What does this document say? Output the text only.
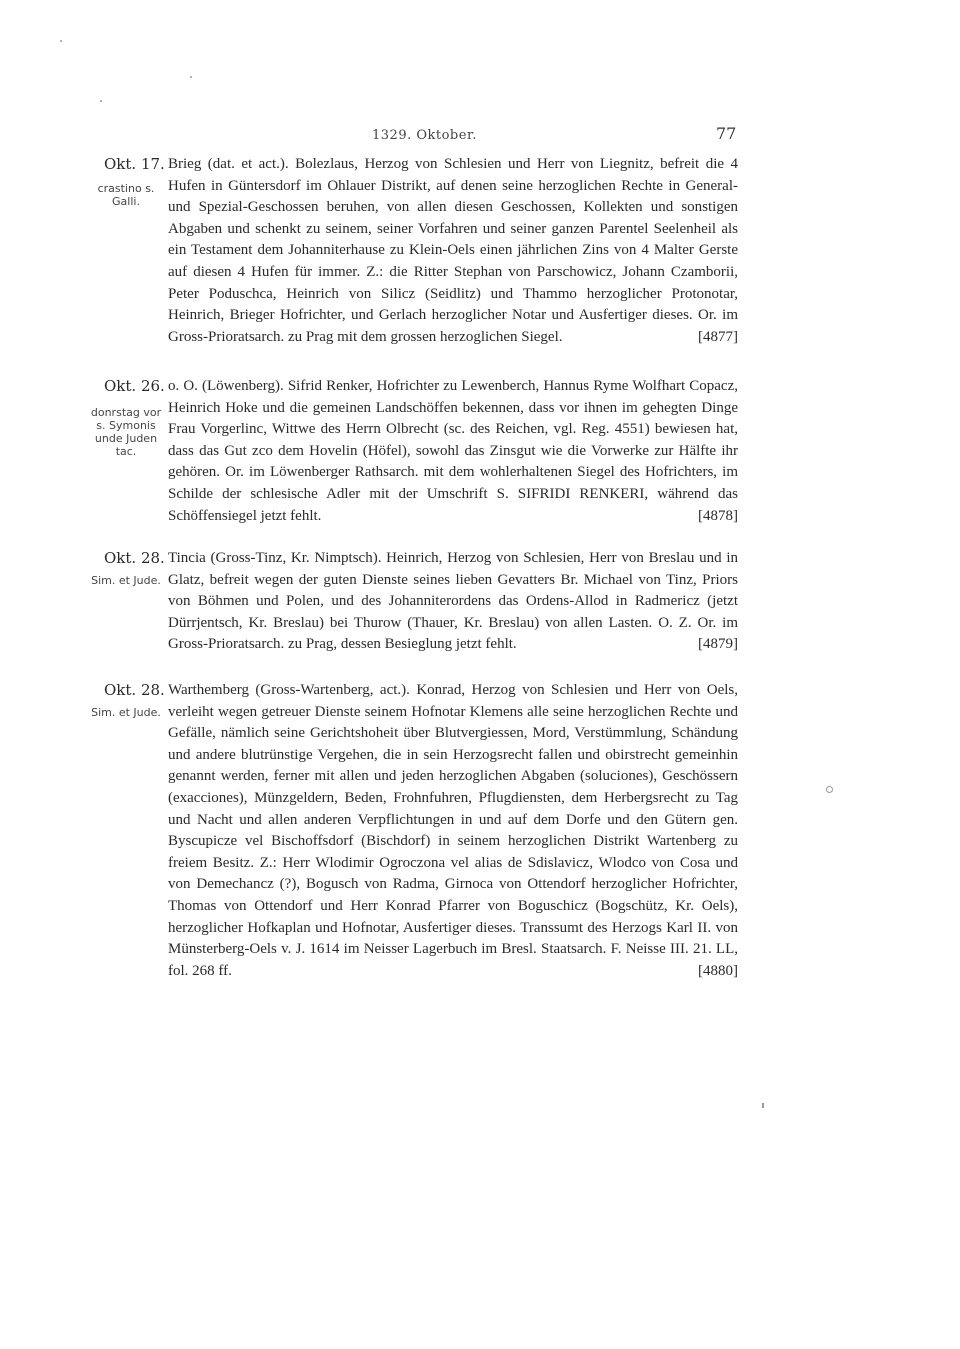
1329. Oktober.	77
Okt. 17.
crastino s. Galli.
Brieg (dat. et act.). Bolezlaus, Herzog von Schlesien und Herr von Liegnitz, befreit die 4 Hufen in Güntersdorf im Ohlauer Distrikt, auf denen seine herzoglichen Rechte in General- und Spezial-Geschossen beruhen, von allen diesen Geschossen, Kollekten und sonstigen Abgaben und schenkt zu seinem, seiner Vorfahren und seiner ganzen Parentel Seelenheil als ein Testament dem Johanniterhause zu Klein-Oels einen jährlichen Zins von 4 Malter Gerste auf diesen 4 Hufen für immer. Z.: die Ritter Stephan von Parschowicz, Johann Czamborii, Peter Poduschca, Heinrich von Silicz (Seidlitz) und Thammo herzoglicher Protonotar, Heinrich, Brieger Hofrichter, und Gerlach herzoglicher Notar und Ausfertiger dieses. Or. im Gross-Prioratsarch. zu Prag mit dem grossen herzoglichen Siegel.	[4877]
Okt. 26.
donrstag vor s. Symonis unde Juden tac.
o. O. (Löwenberg). Sifrid Renker, Hofrichter zu Lewenberch, Hannus Ryme Wolfhart Copacz, Heinrich Hoke und die gemeinen Landschöffen bekennen, dass vor ihnen im gehegten Dinge Frau Vorgerlinc, Wittwe des Herrn Olbrecht (sc. des Reichen, vgl. Reg. 4551) bewiesen hat, dass das Gut zco dem Hovelin (Höfel), sowohl das Zinsgut wie die Vorwerke zur Hälfte ihr gehören. Or. im Löwenberger Rathsarch. mit dem wohlerhaltenen Siegel des Hofrichters, im Schilde der schlesische Adler mit der Umschrift S. SIFRIDI RENKERI, während das Schöffensiegel jetzt fehlt.	[4878]
Okt. 28.
Sim. et Jude.
Tincia (Gross-Tinz, Kr. Nimptsch). Heinrich, Herzog von Schlesien, Herr von Breslau und in Glatz, befreit wegen der guten Dienste seines lieben Gevatters Br. Michael von Tinz, Priors von Böhmen und Polen, und des Johanniterordens das Ordens-Allod in Radmericz (jetzt Dürrjentsch, Kr. Breslau) bei Thurow (Thauer, Kr. Breslau) von allen Lasten. O. Z. Or. im Gross-Prioratsarch. zu Prag, dessen Besieglung jetzt fehlt.	[4879]
Okt. 28.
Sim. et Jude.
Warthemberg (Gross-Wartenberg, act.). Konrad, Herzog von Schlesien und Herr von Oels, verleiht wegen getreuer Dienste seinem Hofnotar Klemens alle seine herzoglichen Rechte und Gefälle, nämlich seine Gerichtshoheit über Blutvergiessen, Mord, Verstümmlung, Schändung und andere blutrünstige Vergehen, die in sein Herzogsrecht fallen und obirstrecht gemeinhin genannt werden, ferner mit allen und jeden herzoglichen Abgaben (soluciones), Geschössern (exacciones), Münzgeldern, Beden, Frohnfuhren, Pflugdiensten, dem Herbergsrecht zu Tag und Nacht und allen anderen Verpflichtungen in und auf dem Dorfe und den Gütern gen. Byscupicze vel Bischoffsdorf (Bischdorf) in seinem herzoglichen Distrikt Wartenberg zu freiem Besitz. Z.: Herr Wlodimir Ogroczona vel alias de Sdislavicz, Wlodco von Cosa und von Demechancz (?), Bogusch von Radma, Girnoca von Ottendorf herzoglicher Hofrichter, Thomas von Ottendorf und Herr Konrad Pfarrer von Boguschicz (Bogschütz, Kr. Oels), herzoglicher Hofkaplan und Hofnotar, Ausfertiger dieses. Transsumt des Herzogs Karl II. von Münsterberg-Oels v. J. 1614 im Neisser Lagerbuch im Bresl. Staatsarch. F. Neisse III. 21. LL, fol. 268 ff.	[4880]
